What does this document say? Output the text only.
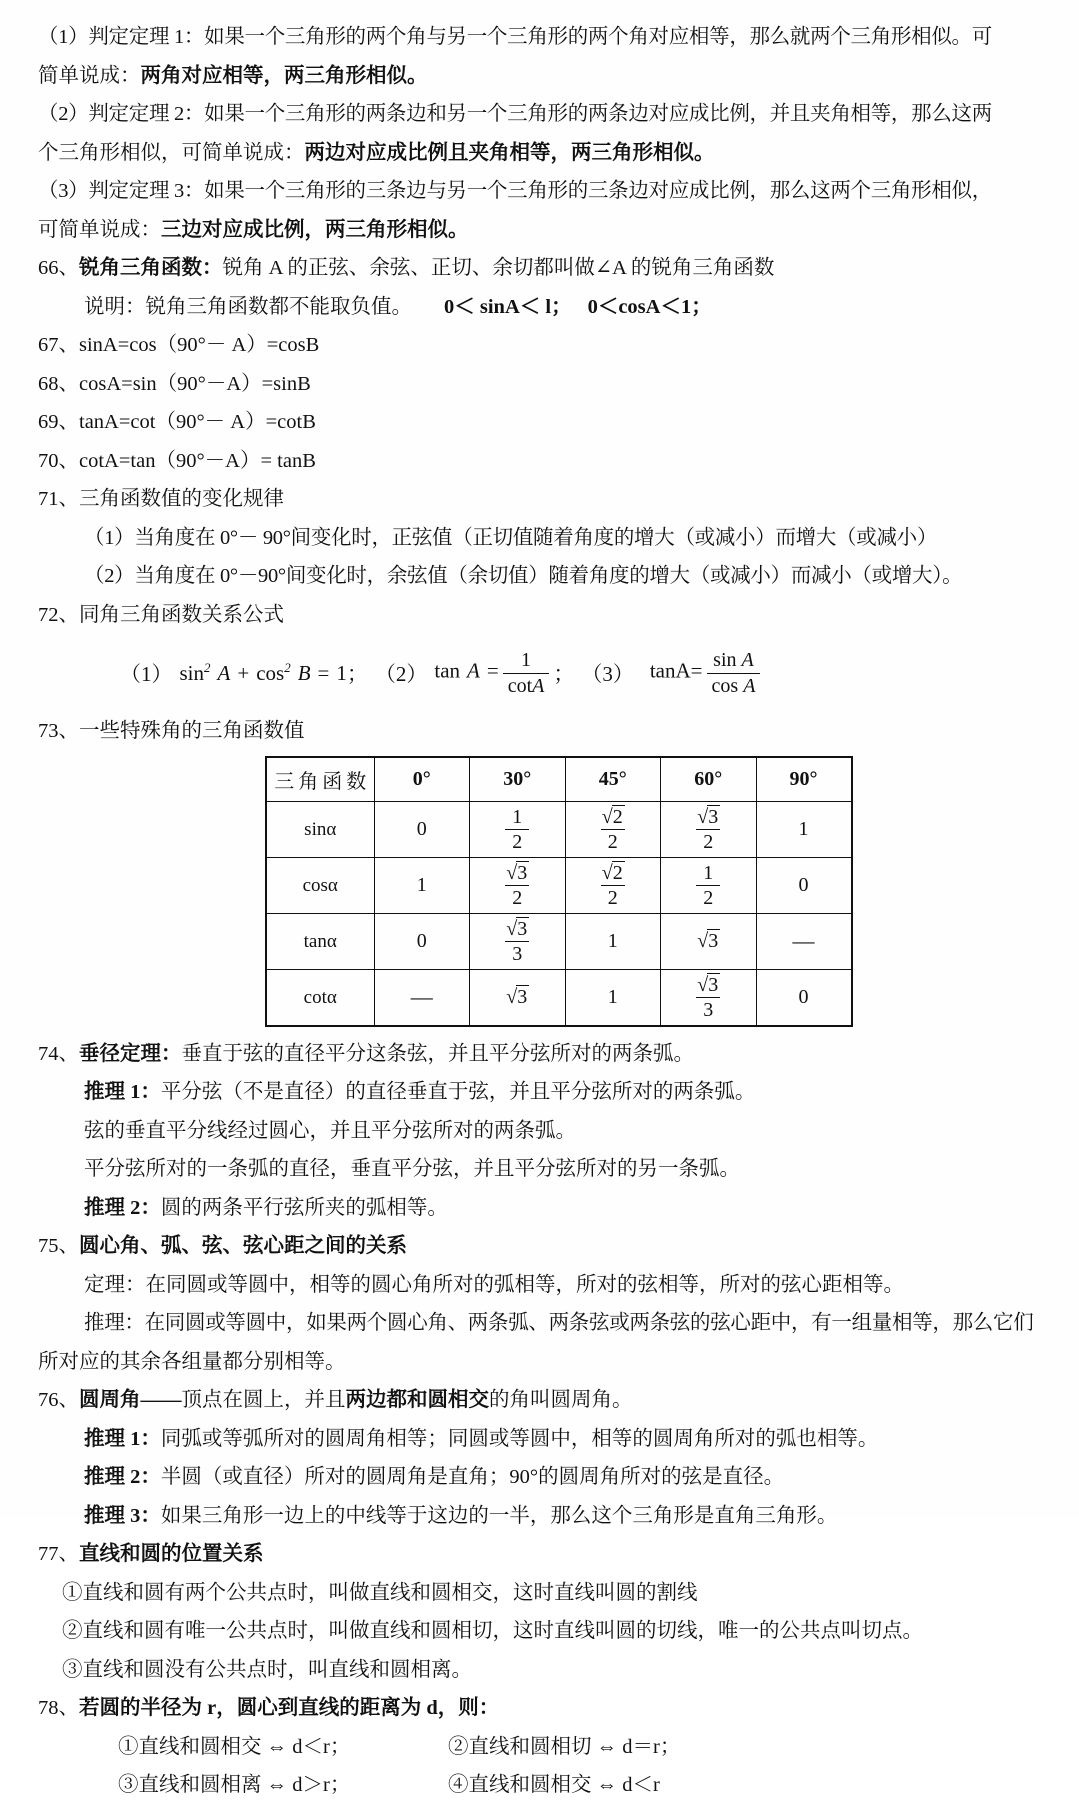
（1）判定定理 1：如果一个三角形的两个角与另一个三角形的两个角对应相等，那么就两个三角形相似。可
简单说成：两角对应相等，两三角形相似。
（2）判定定理 2：如果一个三角形的两条边和另一个三角形的两条边对应成比例，并且夹角相等，那么这两
个三角形相似，可简单说成：两边对应成比例且夹角相等，两三角形相似。
（3）判定定理 3：如果一个三角形的三条边与另一个三角形的三条边对应成比例，那么这两个三角形相似，
可简单说成：三边对应成比例，两三角形相似。
66、锐角三角函数：锐角 A 的正弦、余弦、正切、余切都叫做∠A 的锐角三角函数
说明：锐角三角函数都不能取负值。 0＜ sinA＜ l； 0＜cosA＜1；
67、sinA=cos（90°－ A）=cosB
68、cosA=sin（90°－A）=sinB
69、tanA=cot（90°－ A）=cotB
70、cotA=tan（90°－A）= tanB
71、三角函数值的变化规律
（1）当角度在 0°－ 90°间变化时，正弦值（正切值随着角度的增大（或减小）而增大（或减小）
（2）当角度在 0°－90°间变化时，余弦值（余切值）随着角度的增大（或减小）而减小（或增大）。
72、同角三角函数关系公式
（1） $\sin^2 A + \cos^2 B = 1$ ； （2） $\tan A = \frac{1}{\cot A}$ ； （3） $\tan A= \frac{\text{sin A}}{\text{cos A}}$
73、一些特殊角的三角函数值
三角函数	0°	30°	45°	60°	90°
sinα	0	$\frac{1}{2}$	$\frac{√2}{2}$	$\frac{√3}{2}$	1
cosα	1	$\frac{√3}{2}$	$\frac{√2}{2}$	$\frac{1}{2}$	0
tanα	0	$\frac{√3}{3}$	1	√3	—
cotα	—	√3	1	$\frac{√3}{3}$	0
74、垂径定理：垂直于弦的直径平分这条弦，并且平分弦所对的两条弧。
推理 1：平分弦（不是直径）的直径垂直于弦，并且平分弦所对的两条弧。
弦的垂直平分线经过圆心，并且平分弦所对的两条弧。
平分弦所对的一条弧的直径，垂直平分弦，并且平分弦所对的另一条弧。
推理 2：圆的两条平行弦所夹的弧相等。
75、圆心角、弧、弦、弦心距之间的关系
定理：在同圆或等圆中，相等的圆心角所对的弧相等，所对的弦相等，所对的弦心距相等。
推理：在同圆或等圆中，如果两个圆心角、两条弧、两条弦或两条弦的弦心距中，有一组量相等，那么它们
所对应的其余各组量都分别相等。
76、圆周角——顶点在圆上，并且两边都和圆相交的角叫圆周角。
推理 1：同弧或等弧所对的圆周角相等；同圆或等圆中，相等的圆周角所对的弧也相等。
推理 2：半圆（或直径）所对的圆周角是直角；90°的圆周角所对的弦是直径。
推理 3：如果三角形一边上的中线等于这边的一半，那么这个三角形是直角三角形。
77、直线和圆的位置关系
①直线和圆有两个公共点时，叫做直线和圆相交，这时直线叫圆的割线
②直线和圆有唯一公共点时，叫做直线和圆相切，这时直线叫圆的切线，唯一的公共点叫切点。
③直线和圆没有公共点时，叫直线和圆相离。
78、若圆的半径为 r，圆心到直线的距离为 d，则：
①直线和圆相交 ⇔ d＜r；	②直线和圆相切 ⇔ d＝r；
③直线和圆相离 ⇔ d＞r；	④直线和圆相交 ⇔ d＜r
